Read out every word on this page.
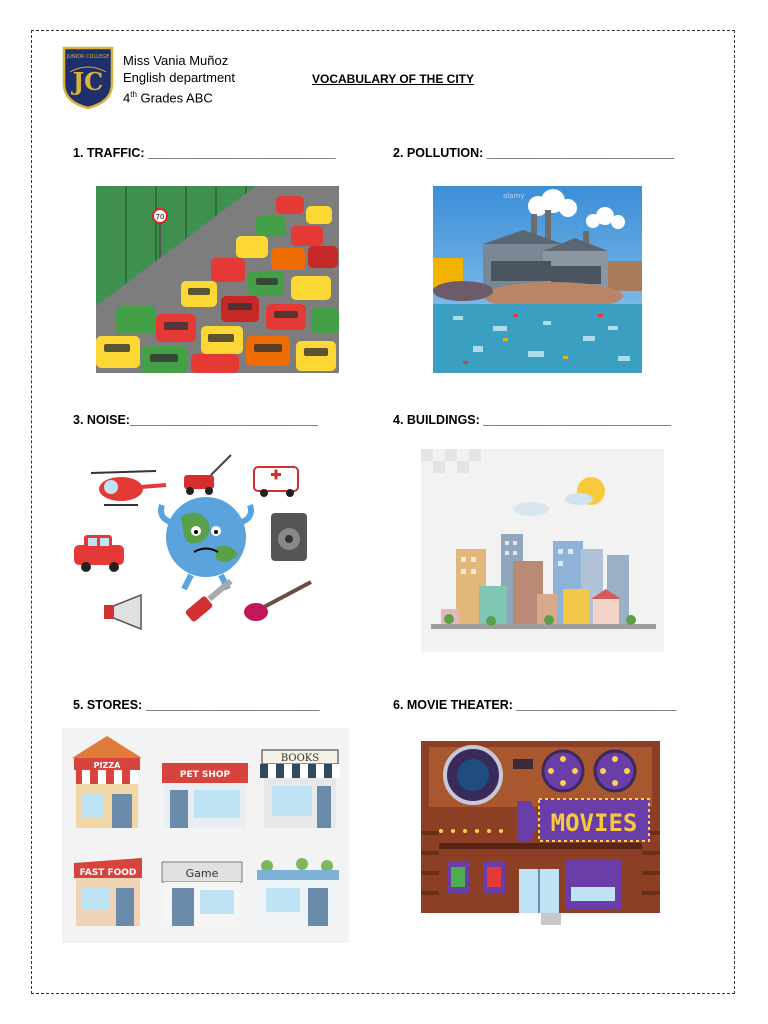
JUNIOR COLLEGE
JC
Miss Vania Muñoz
English department
4th Grades ABC
VOCABULARY OF THE CITY
1. TRAFFIC: ___________________________	2. POLLUTION: ___________________________
3. NOISE:___________________________	4. BUILDINGS: ___________________________
5. STORES: _________________________	6. MOVIE THEATER: _______________________
70
alamy
PIZZA
PET SHOP
BOOKS
FAST FOOD	Game
MOVIES
